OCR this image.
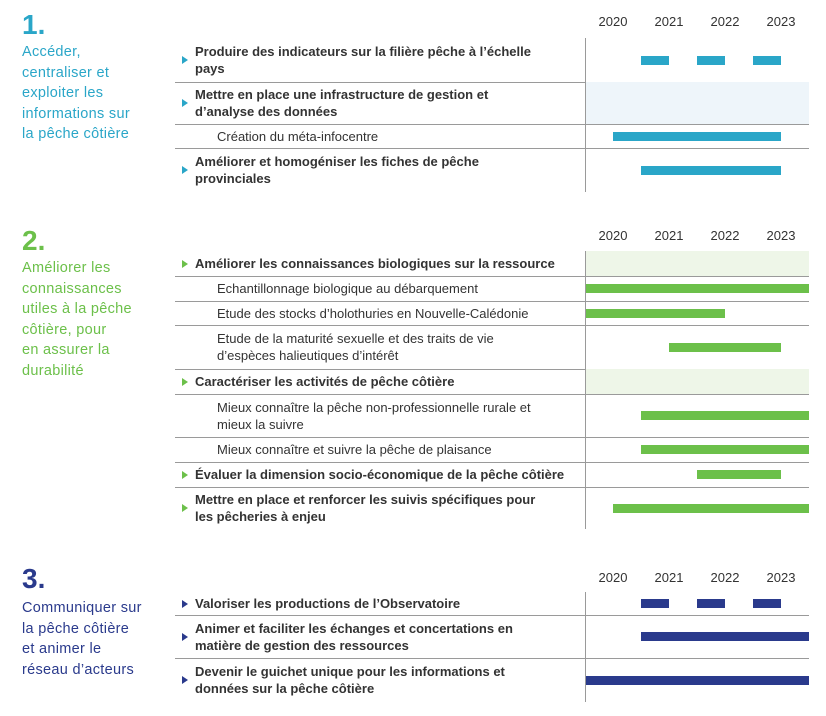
1.
Accéder,
centraliser et
exploiter les
informations sur
la pêche côtière
2020	2021	2022	2023
Produire des indicateurs sur la filière pêche à l’échelle
pays
Mettre en place une infrastructure de gestion et
d’analyse des données
Création du méta-infocentre
Améliorer et homogéniser les fiches de pêche
provinciales
2.
Améliorer les
connaissances
utiles à la pêche
côtière, pour
en assurer la
durabilité
2020	2021	2022	2023
Améliorer les connaissances biologiques sur la ressource
Echantillonnage biologique au débarquement
Etude des stocks d’holothuries en Nouvelle-Calédonie
Etude de la maturité sexuelle et des traits de vie
d’espèces halieutiques d’intérêt
Caractériser les activités de pêche côtière
Mieux connaître la pêche non-professionnelle rurale et
mieux la suivre
Mieux connaître et suivre la pêche de plaisance
Évaluer la dimension socio-économique de la pêche côtière
Mettre en place et renforcer les suivis spécifiques pour
les pêcheries à enjeu
3.
Communiquer sur
la pêche côtière
et animer le
réseau d’acteurs
2020	2021	2022	2023
Valoriser les productions de l’Observatoire
Animer et faciliter les échanges et concertations en
matière de gestion des ressources
Devenir le guichet unique pour les informations et
données sur la pêche côtière
